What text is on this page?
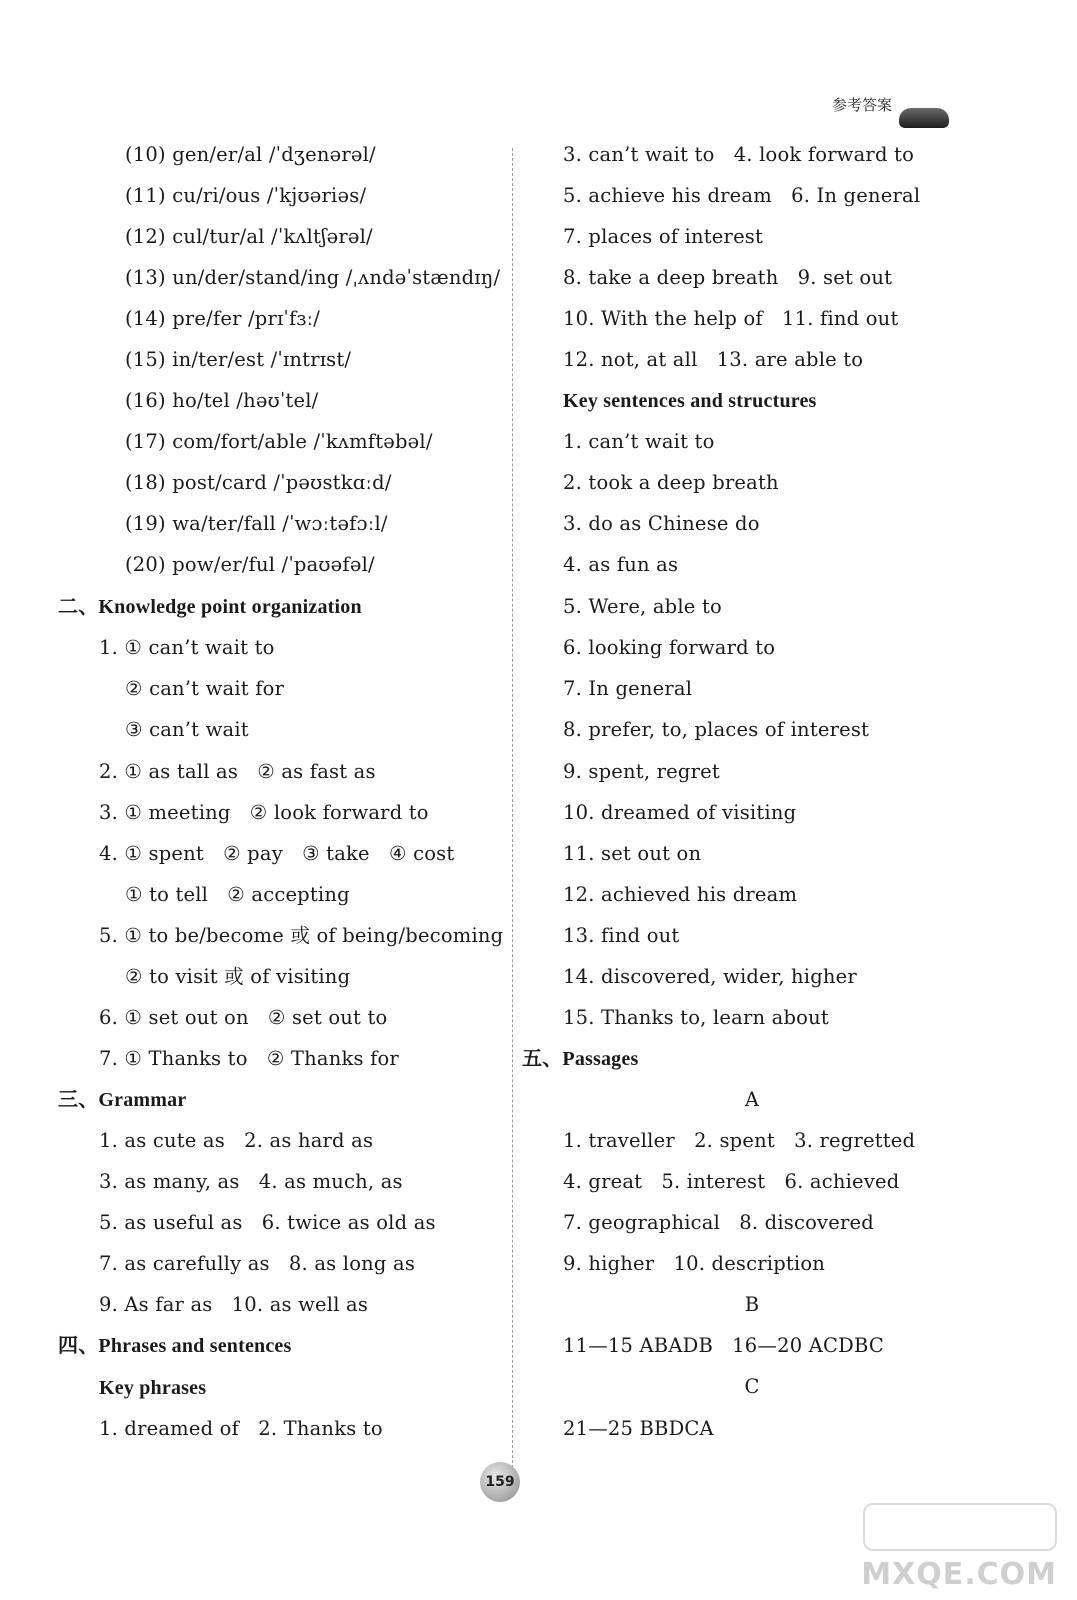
参考答案
(10) gen/er/al /ˈdʒenərəl/
(11) cu/ri/ous /ˈkjʊəriəs/
(12) cul/tur/al /ˈkʌltʃərəl/
(13) un/der/stand/ing /ˌʌndəˈstændɪŋ/
(14) pre/fer /prɪˈfɜː/
(15) in/ter/est /ˈɪntrɪst/
(16) ho/tel /həʊˈtel/
(17) com/fort/able /ˈkʌmftəbəl/
(18) post/card /ˈpəʊstkɑːd/
(19) wa/ter/fall /ˈwɔːtəfɔːl/
(20) pow/er/ful /ˈpaʊəfəl/
二、Knowledge point organization
1. ① can’t wait to
② can’t wait for
③ can’t wait
2. ① as tall as   ② as fast as
3. ① meeting   ② look forward to
4. ① spent   ② pay   ③ take   ④ cost
① to tell   ② accepting
5. ① to be/become 或 of being/becoming
② to visit 或 of visiting
6. ① set out on   ② set out to
7. ① Thanks to   ② Thanks for
三、Grammar
1. as cute as   2. as hard as
3. as many, as   4. as much, as
5. as useful as   6. twice as old as
7. as carefully as   8. as long as
9. As far as   10. as well as
四、Phrases and sentences
Key phrases
1. dreamed of   2. Thanks to
3. can’t wait to   4. look forward to
5. achieve his dream   6. In general
7. places of interest
8. take a deep breath   9. set out
10. With the help of   11. find out
12. not, at all   13. are able to
Key sentences and structures
1. can’t wait to
2. took a deep breath
3. do as Chinese do
4. as fun as
5. Were, able to
6. looking forward to
7. In general
8. prefer, to, places of interest
9. spent, regret
10. dreamed of visiting
11. set out on
12. achieved his dream
13. find out
14. discovered, wider, higher
15. Thanks to, learn about
五、Passages
A
1. traveller   2. spent   3. regretted
4. great   5. interest   6. achieved
7. geographical   8. discovered
9. higher   10. description
B
11—15 ABADB   16—20 ACDBC
C
21—25 BBDCA
159
MXQE.COM
